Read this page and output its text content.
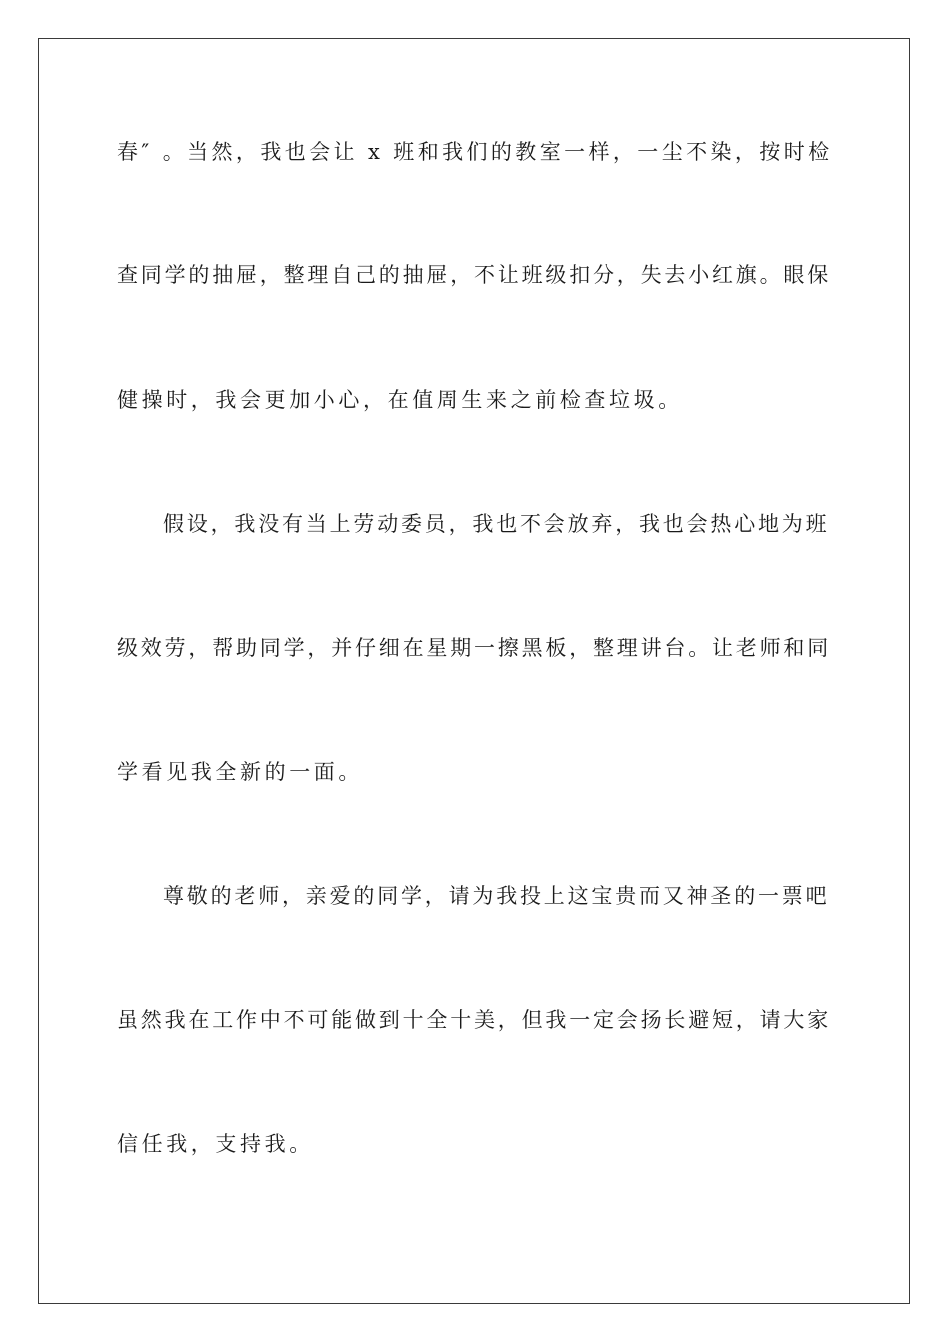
春″ 。当然，我也会让 x 班和我们的教室一样，一尘不染，按时检
查同学的抽屉，整理自己的抽屉，不让班级扣分，失去小红旗。眼保
健操时，我会更加小心，在值周生来之前检查垃圾。
假设，我没有当上劳动委员，我也不会放弃，我也会热心地为班
级效劳，帮助同学，并仔细在星期一擦黑板，整理讲台。让老师和同
学看见我全新的一面。
尊敬的老师，亲爱的同学，请为我投上这宝贵而又神圣的一票吧
虽然我在工作中不可能做到十全十美，但我一定会扬长避短，请大家
信任我，支持我。
